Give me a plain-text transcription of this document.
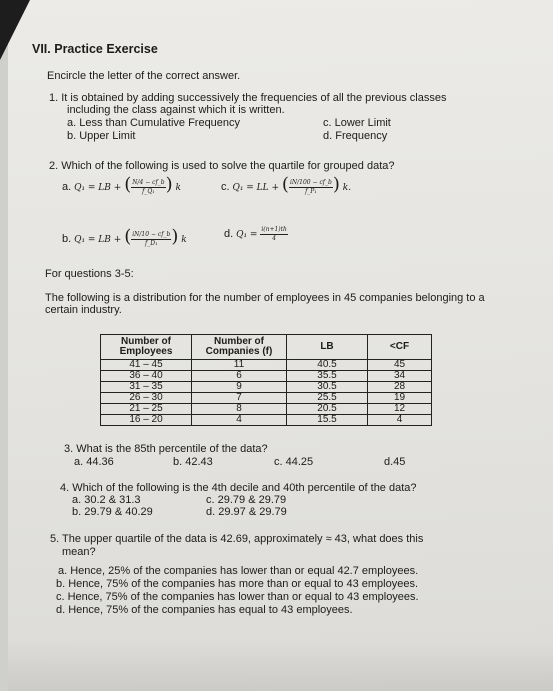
VII. Practice Exercise
Encircle the letter of the correct answer.
1. It is obtained by adding successively the frequencies of all the previous classes
including the class against which it is written.
a. Less than Cumulative Frequency
b. Upper Limit
c. Lower Limit
d. Frequency
2. Which of the following is used to solve the quartile for grouped data?
a. Q₁ = LB + ( $\frac{N/4 - cf\_b}{\text{f\_Q₁}}$ ) k	c. Q₁ = LL + ( $\frac{iN/100 - cf\_b}{\text{f\_P₁}}$ ) k.
b. Q₁ = LB + ( $\frac{iN/10 - cf\_b}{\text{f\_D₁}}$ ) k	d. $Q_1 = \frac{i(n+1)th}{4}$
For questions 3-5:
The following is a distribution for the number of employees in 45 companies belonging to a
certain industry.
Number of Employees	Number of Companies (f)	LB	<CF
41 – 45	11	40.5	45
36 – 40	6	35.5	34
31 – 35	9	30.5	28
26 – 30	7	25.5	19
21 – 25	8	20.5	12
16 – 20	4	15.5	4
3. What is the 85th percentile of the data?
a. 44.36	b. 42.43	c. 44.25	d.45
4. Which of the following is the 4th decile and 40th percentile of the data?
a. 30.2 & 31.3
b. 29.79 & 40.29
c. 29.79 & 29.79
d. 29.97 & 29.79
5. The upper quartile of the data is 42.69, approximately ≈ 43, what does this
mean?
a. Hence, 25% of the companies has lower than or equal 42.7 employees.
b. Hence, 75% of the companies has more than or equal to 43 employees.
c. Hence, 75% of the companies has lower than or equal to 43 employees.
d. Hence, 75% of the companies has equal to 43 employees.
